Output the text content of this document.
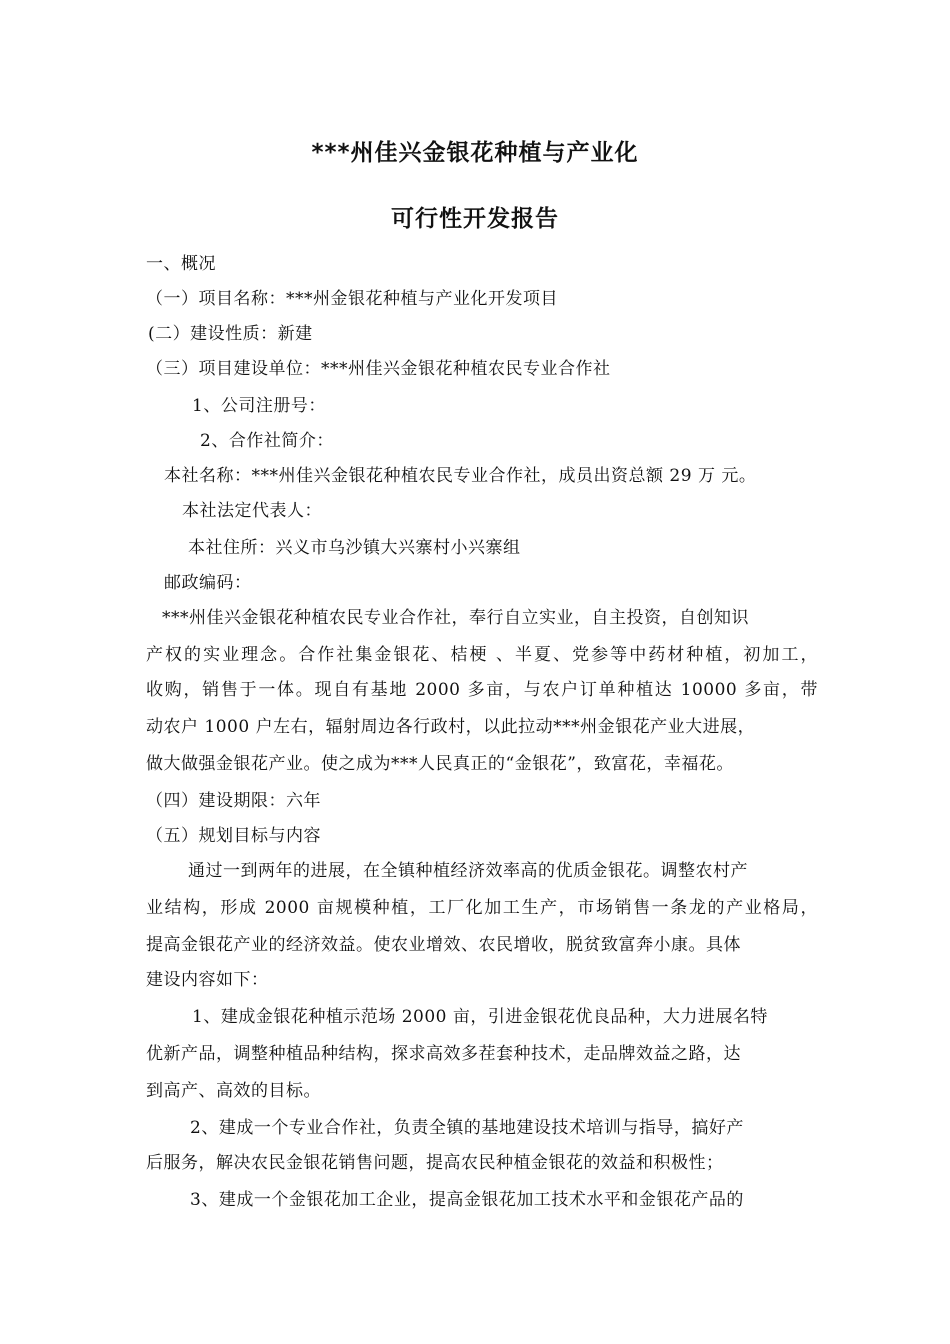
***州佳兴金银花种植与产业化
可行性开发报告
一、概况
（一）项目名称：***州金银花种植与产业化开发项目
(二）建设性质：新建
（三）项目建设单位：***州佳兴金银花种植农民专业合作社
1、公司注册号：
2、合作社简介：
本社名称：***州佳兴金银花种植农民专业合作社，成员出资总额 29 万 元。
本社法定代表人：
本社住所：兴义市乌沙镇大兴寨村小兴寨组
邮政编码：
***州佳兴金银花种植农民专业合作社，奉行自立实业，自主投资，自创知识
产权的实业理念。合作社集金银花、桔梗 、半夏、党参等中药材种植，初加工，
收购，销售于一体。现自有基地 2000 多亩，与农户订单种植达 10000 多亩，带
动农户 1000 户左右，辐射周边各行政村，以此拉动***州金银花产业大进展，
做大做强金银花产业。使之成为***人民真正的“金银花”，致富花，幸福花。
（四）建设期限：六年
（五）规划目标与内容
通过一到两年的进展，在全镇种植经济效率高的优质金银花。调整农村产
业结构，形成 2000 亩规模种植，工厂化加工生产，市场销售一条龙的产业格局，
提高金银花产业的经济效益。使农业增效、农民增收，脱贫致富奔小康。具体
建设内容如下：
1、建成金银花种植示范场 2000 亩，引进金银花优良品种，大力进展名特
优新产品，调整种植品种结构，探求高效多茬套种技术，走品牌效益之路，达
到高产、高效的目标。
2、建成一个专业合作社，负责全镇的基地建设技术培训与指导，搞好产
后服务，解决农民金银花销售问题，提高农民种植金银花的效益和积极性；
3、建成一个金银花加工企业，提高金银花加工技术水平和金银花产品的
